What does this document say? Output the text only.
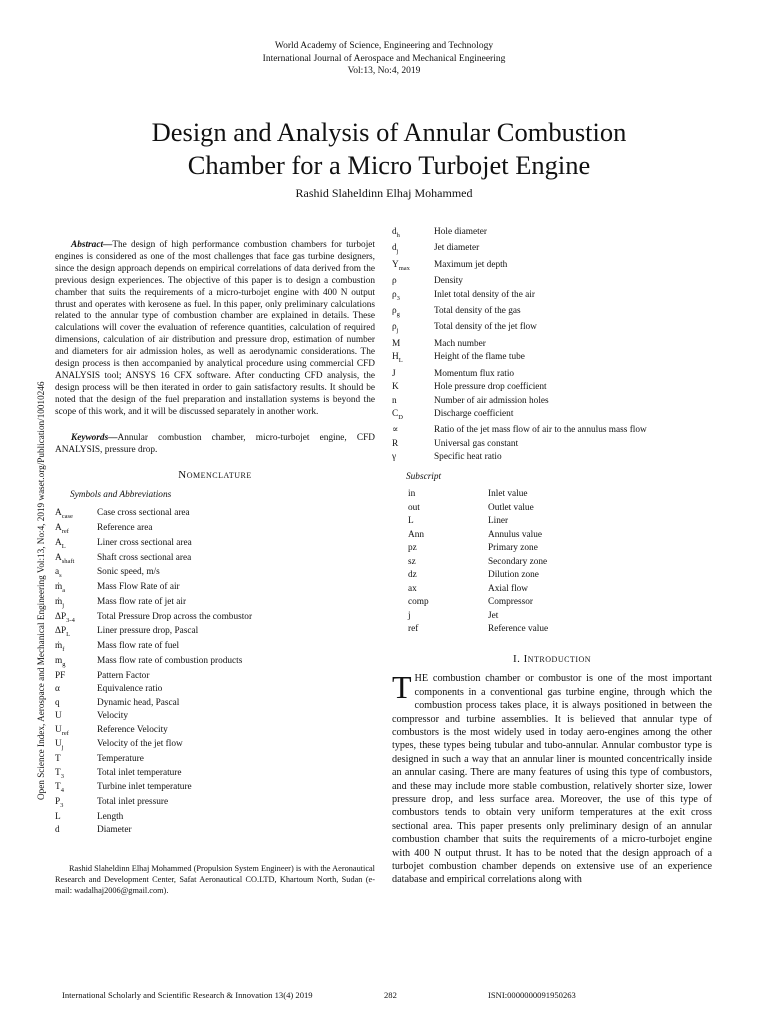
World Academy of Science, Engineering and Technology
International Journal of Aerospace and Mechanical Engineering
Vol:13, No:4, 2019
Design and Analysis of Annular Combustion
Chamber for a Micro Turbojet Engine
Rashid Slaheldinn Elhaj Mohammed
Open Science Index, Aerospace and Mechanical Engineering Vol:13, No:4, 2019 waset.org/Publication/10010246

Abstract—The design of high performance combustion chambers for turbojet engines is considered as one of the most challenges that face gas turbine designers, since the design approach depends on empirical correlations of data derived from the previous design experiences. The objective of this paper is to design a combustion chamber that suits the requirements of a micro-turbojet engine with 400 N output thrust and operates with kerosene as fuel. In this paper, only preliminary calculations related to the annular type of combustion chamber are explained in details. These calculations will cover the evaluation of reference quantities, calculation of required dimensions, calculation of air distribution and pressure drop, estimation of number and diameters for air admission holes, as well as aerodynamic considerations. The design process is then accompanied by analytical procedure using commercial CFD ANALYSIS tool; ANSYS 16 CFX software. After conducting CFD analysis, the design process will be then iterated in order to gain satisfactory results. It should be noted that the design of the fuel preparation and installation systems is beyond the scope of this work, and it will be discussed separately in another work.

Keywords—Annular combustion chamber, micro-turbojet engine, CFD ANALYSIS, pressure drop.

Nomenclature
Symbols and Abbreviations
$A_{case}$	Case cross sectional area
$A_{ref}$	Reference area
$A_L$	Liner cross sectional area
$A_{shaft}$	Shaft cross sectional area
$a_s$	Sonic speed, m/s
ṁ$_a$	Mass Flow Rate of air
ṁ$_j$	Mass flow rate of jet air
$\Delta P_{3-4}$	Total Pressure Drop across the combustor
$\Delta P_L$	Liner pressure drop, Pascal
ṁ$_f$	Mass flow rate of fuel
$m_g$	Mass flow rate of combustion products
PF	Pattern Factor
α	Equivalence ratio
q	Dynamic head, Pascal
U	Velocity
$U_{ref}$	Reference Velocity
$U_j$	Velocity of the jet flow
T	Temperature
$T_3$	Total inlet temperature
$T_4$	Turbine inlet temperature
$P_3$	Total inlet pressure
L	Length
d	Diameter
Rashid Slaheldinn Elhaj Mohammed (Propulsion System Engineer) is with the Aeronautical Research and Development Center, Safat Aeronautical CO.LTD, Khartoum North, Sudan (e-mail: wadalhaj2006@gmail.com).
$d_h$	Hole diameter
$d_j$	Jet diameter
$Y_{max}$	Maximum jet depth
ρ	Density
$\rho_3$	Inlet total density of the air
$\rho_g$	Total density of the gas
$\rho_j$	Total density of the jet flow
M	Mach number
$H_L$	Height of the flame tube
J	Momentum flux ratio
K	Hole pressure drop coefficient
n	Number of air admission holes
$C_D$	Discharge coefficient
∝	Ratio of the jet mass flow of air to the annulus mass flow
R	Universal gas constant
γ	Specific heat ratio
Subscript
in	Inlet value
out	Outlet value
L	Liner
Ann	Annulus value
pz	Primary zone
sz	Secondary zone
dz	Dilution zone
ax	Axial flow
comp	Compressor
j	Jet
ref	Reference value
I. Introduction
THE combustion chamber or combustor is one of the most important components in a conventional gas turbine engine, through which the combustion process takes place, it is always positioned in between the compressor and turbine assemblies. It is believed that annular type of combustors is the most widely used in today aero-engines among the other types, these types being tubular and tubo-annular. Annular combustor type is designed in such a way that an annular liner is mounted concentrically inside an annular casing. There are many features of using this type of combustors, and these may include more stable combustion, relatively shorter size, lower pressure drop, and less surface area. Moreover, the use of this type of combustors tends to obtain very uniform temperatures at the exit cross sectional area. This paper presents only preliminary design of an annular combustion chamber that suits the requirements of a micro-turbojet engine with 400 N output thrust. It has to be noted that the design approach of a turbojet combustion chamber depends on extensive use of an experience database and empirical correlations along with
International Scholarly and Scientific Research & Innovation 13(4) 2019	282	ISNI:0000000091950263
